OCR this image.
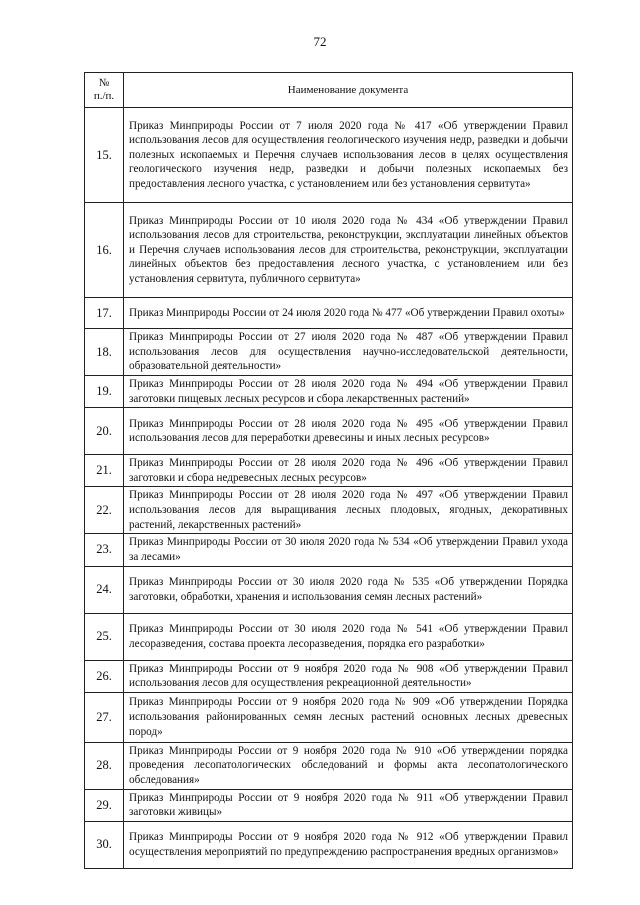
72
№
п./п.	Наименование документа
15.	Приказ Минприроды России от 7 июля 2020 года № 417 «Об утверждении Правил использования лесов для осуществления геологического изучения недр, разведки и добычи полезных ископаемых и Перечня случаев использования лесов в целях осуществления геологического изучения недр, разведки и добычи полезных ископаемых без предоставления лесного участка, с установлением или без установления сервитута»
16.	Приказ Минприроды России от 10 июля 2020 года № 434 «Об утверждении Правил использования лесов для строительства, реконструкции, эксплуатации линейных объектов и Перечня случаев использования лесов для строительства, реконструкции, эксплуатации линейных объектов без предоставления лесного участка, с установлением или без установления сервитута, публичного сервитута»
17.	Приказ Минприроды России от 24 июля 2020 года № 477 «Об утверждении Правил охоты»
18.	Приказ Минприроды России от 27 июля 2020 года № 487 «Об утверждении Правил использования лесов для осуществления научно-исследовательской деятельности, образовательной деятельности»
19.	Приказ Минприроды России от 28 июля 2020 года № 494 «Об утверждении Правил заготовки пищевых лесных ресурсов и сбора лекарственных растений»
20.	Приказ Минприроды России от 28 июля 2020 года № 495 «Об утверждении Правил использования лесов для переработки древесины и иных лесных ресурсов»
21.	Приказ Минприроды России от 28 июля 2020 года № 496 «Об утверждении Правил заготовки и сбора недревесных лесных ресурсов»
22.	Приказ Минприроды России от 28 июля 2020 года № 497 «Об утверждении Правил использования лесов для выращивания лесных плодовых, ягодных, декоративных растений, лекарственных растений»
23.	Приказ Минприроды России от 30 июля 2020 года № 534 «Об утверждении Правил ухода за лесами»
24.	Приказ Минприроды России от 30 июля 2020 года № 535 «Об утверждении Порядка заготовки, обработки, хранения и использования семян лесных растений»
25.	Приказ Минприроды России от 30 июля 2020 года № 541 «Об утверждении Правил лесоразведения, состава проекта лесоразведения, порядка его разработки»
26.	Приказ Минприроды России от 9 ноября 2020 года № 908 «Об утверждении Правил использования лесов для осуществления рекреационной деятельности»
27.	Приказ Минприроды России от 9 ноября 2020 года № 909 «Об утверждении Порядка использования районированных семян лесных растений основных лесных древесных пород»
28.	Приказ Минприроды России от 9 ноября 2020 года № 910 «Об утверждении порядка проведения лесопатологических обследований и формы акта лесопатологического обследования»
29.	Приказ Минприроды России от 9 ноября 2020 года № 911 «Об утверждении Правил заготовки живицы»
30.	Приказ Минприроды России от 9 ноября 2020 года № 912 «Об утверждении Правил осуществления мероприятий по предупреждению распространения вредных организмов»
